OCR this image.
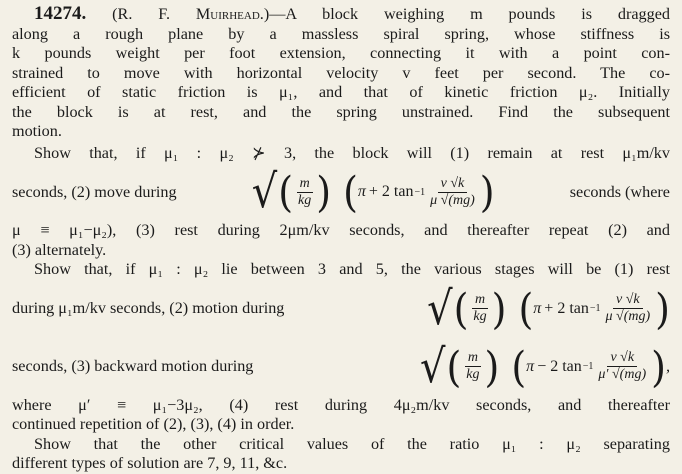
14274. (R. F. Muirhead.)—A block weighing m pounds is dragged
along a rough plane by a massless spiral spring, whose stiffness is
k pounds weight per foot extension, connecting it with a point con-
strained to move with horizontal velocity v feet per second. The co-
efficient of static friction is μ₁, and that of kinetic friction μ₂. Initially
the block is at rest, and the spring unstrained. Find the subsequent
motion.
Show that, if μ₁ : μ₂ ⊁ 3, the block will (1) remain at rest μ₁m/kv
seconds, (2) move during √ ( $\frac{m}{kg}$ ) ( π + 2 $\tan -1 \frac{v √k}{\mu √(mg)}$ )	seconds (where
μ ≡ μ₁−μ₂), (3) rest during 2μm/kv seconds, and thereafter repeat (2) and
(3) alternately.
Show that, if μ₁ : μ₂ lie between 3 and 5, the various stages will be (1) rest
during μ₁m/kv seconds, (2) motion during	√ ( $\frac{m}{kg}$ ) ( π + 2 $\tan -1 \frac{v √k}{\mu √(mg)}$ )
seconds, (3) backward motion during	√ ( $\frac{m}{kg}$ ) ( π − 2 $\tan -1 \frac{v √k}{\mu' √(mg)}$ ) ,
where μ′ ≡ μ₁−3μ₂, (4) rest during 4μ₂m/kv seconds, and thereafter
continued repetition of (2), (3), (4) in order.
Show that the other critical values of the ratio μ₁ : μ₂ separating
different types of solution are 7, 9, 11, &c.
